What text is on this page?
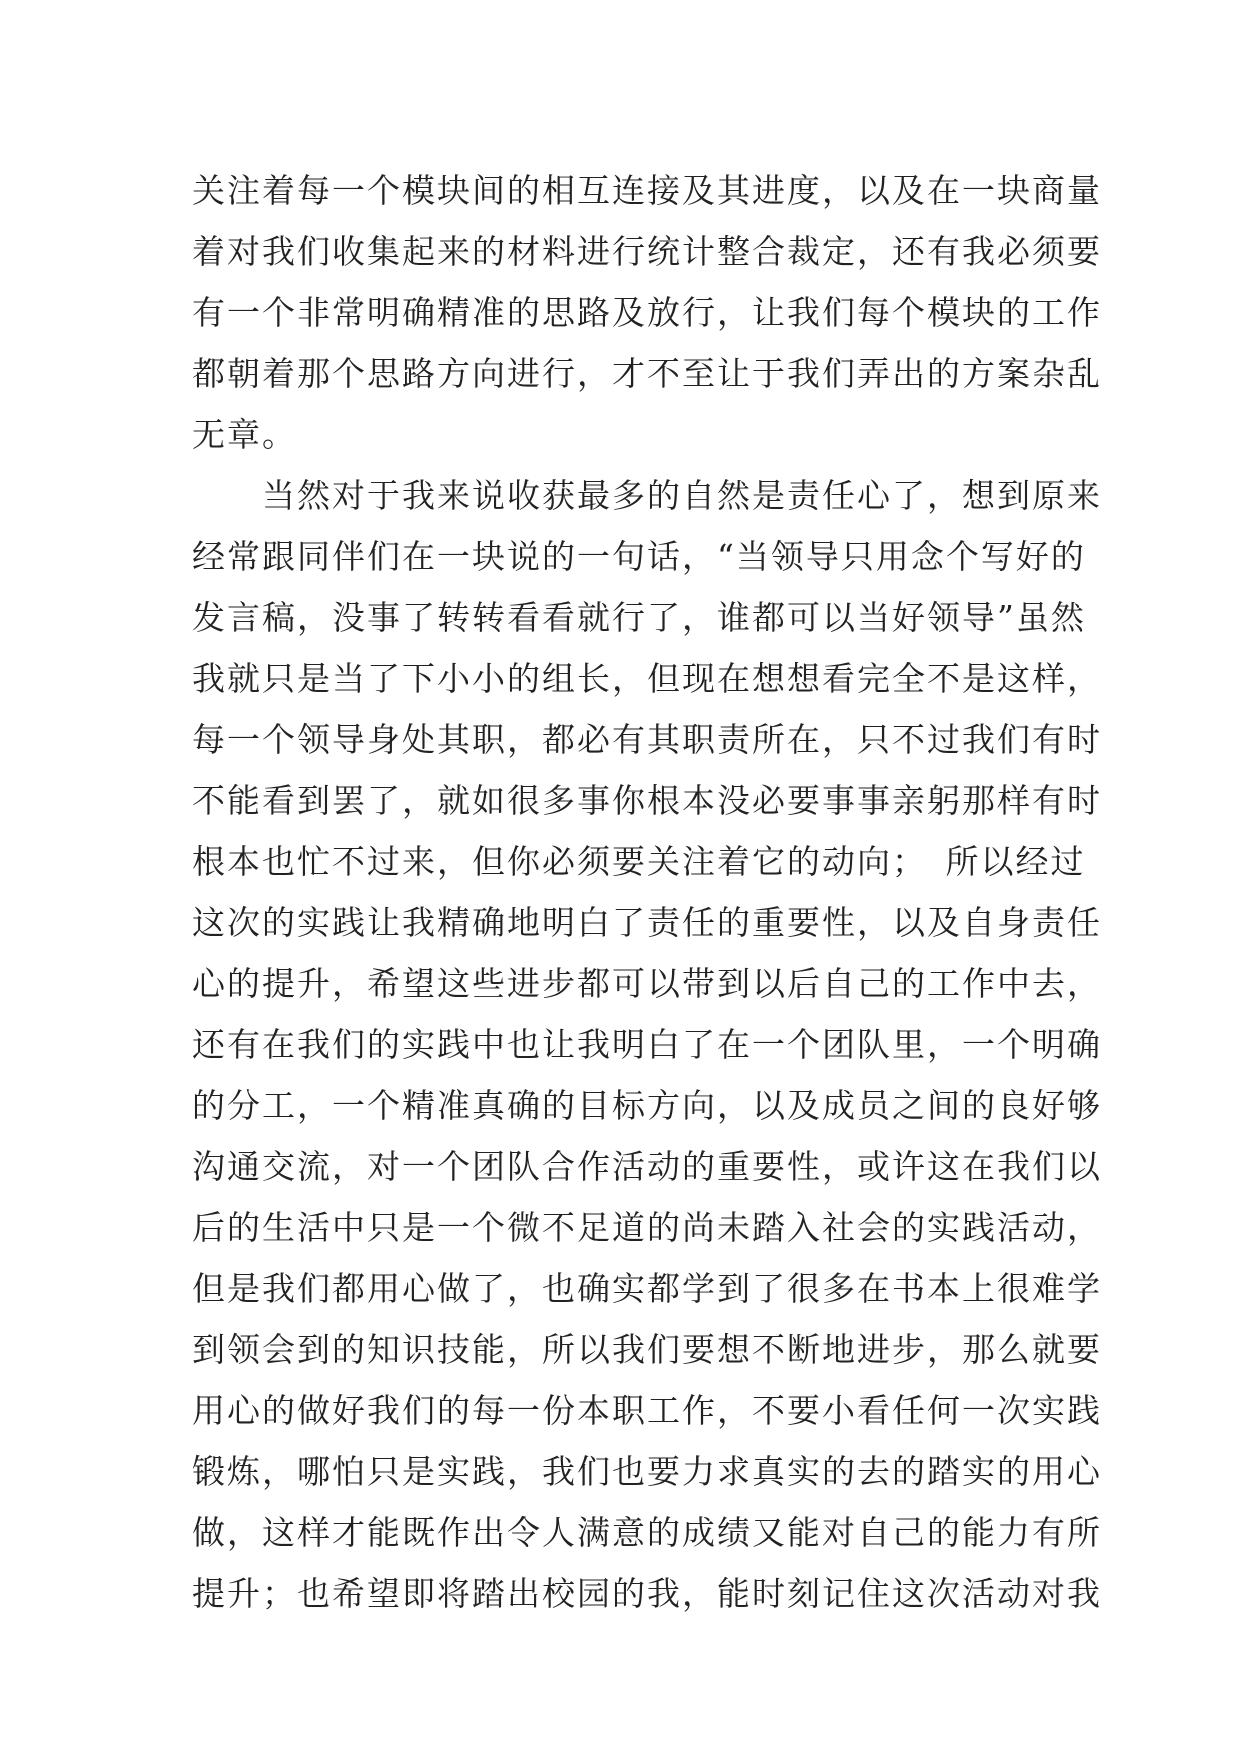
关注着每一个模块间的相互连接及其进度，以及在一块商量

着对我们收集起来的材料进行统计整合裁定，还有我必须要

有一个非常明确精准的思路及放行，让我们每个模块的工作

都朝着那个思路方向进行，才不至让于我们弄出的方案杂乱

无章。

　　当然对于我来说收获最多的自然是责任心了，想到原来

经常跟同伴们在一块说的一句话，“当领导只用念个写好的

发言稿，没事了转转看看就行了，谁都可以当好领导”虽然

我就只是当了下小小的组长，但现在想想看完全不是这样，

每一个领导身处其职，都必有其职责所在，只不过我们有时

不能看到罢了，就如很多事你根本没必要事事亲躬那样有时

根本也忙不过来，但你必须要关注着它的动向；　所以经过

这次的实践让我精确地明白了责任的重要性，以及自身责任

心的提升，希望这些进步都可以带到以后自己的工作中去，

还有在我们的实践中也让我明白了在一个团队里，一个明确

的分工，一个精准真确的目标方向，以及成员之间的良好够

沟通交流，对一个团队合作活动的重要性，或许这在我们以

后的生活中只是一个微不足道的尚未踏入社会的实践活动，

但是我们都用心做了，也确实都学到了很多在书本上很难学

到领会到的知识技能，所以我们要想不断地进步，那么就要

用心的做好我们的每一份本职工作，不要小看任何一次实践

锻炼，哪怕只是实践，我们也要力求真实的去的踏实的用心

做，这样才能既作出令人满意的成绩又能对自己的能力有所

提升；也希望即将踏出校园的我，能时刻记住这次活动对我
